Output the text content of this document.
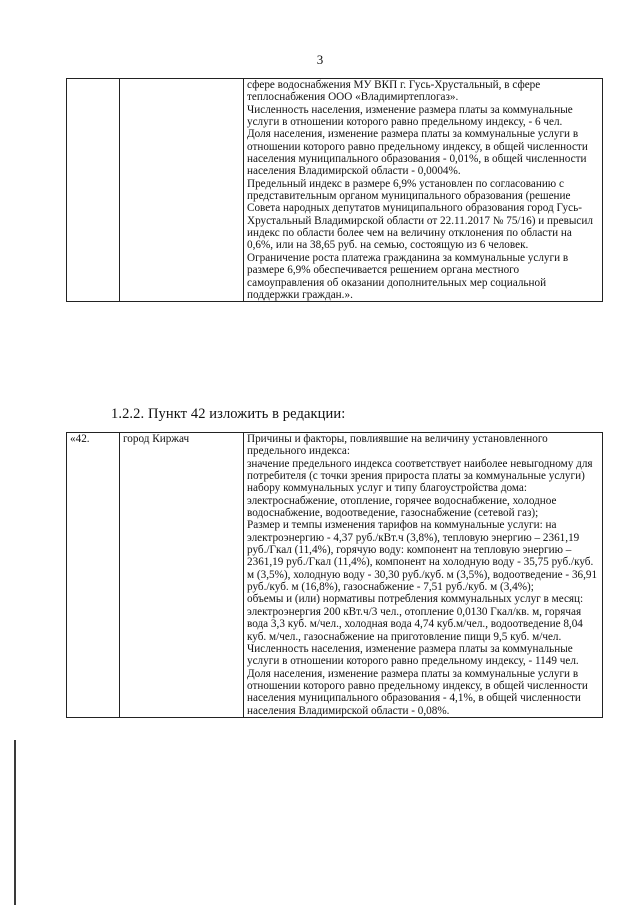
3

сфере водоснабжения МУ ВКП г. Гусь-Хрустальный, в сфере теплоснабжения ООО «Владимиртеплогаз».

Численность населения, изменение размера платы за коммунальные услуги в отношении которого равно предельному индексу, - 6 чел.

Доля населения, изменение размера платы за коммунальные услуги в отношении которого равно предельному индексу, в общей численности населения муниципального образования - 0,01%, в общей численности населения Владимирской области - 0,0004%.

Предельный индекс в размере 6,9% установлен по согласованию с представительным органом муниципального образования (решение Совета народных депутатов муниципального образования город Гусь-Хрустальный Владимирской области от 22.11.2017 № 75/16) и превысил индекс по области более чем на величину отклонения по области на 0,6%, или на 38,65 руб. на семью, состоящую из 6 человек.

Ограничение роста платежа гражданина за коммунальные услуги в размере 6,9% обеспечивается решением органа местного самоуправления об оказании дополнительных мер социальной поддержки граждан.».

1.2.2. Пункт 42 изложить в редакции:
«42.	город Киржач	Причины и факторы, повлиявшие на величину установленного предельного индекса:

значение предельного индекса соответствует наиболее невыгодному для потребителя (с точки зрения прироста платы за коммунальные услуги) набору коммунальных услуг и типу благоустройства дома: электроснабжение, отопление, горячее водоснабжение, холодное водоснабжение, водоотведение, газоснабжение (сетевой газ);

Размер и темпы изменения тарифов на коммунальные услуги: на электроэнергию - 4,37 руб./кВт.ч (3,8%), тепловую энергию – 2361,19 руб./Гкал (11,4%), горячую воду: компонент на тепловую энергию – 2361,19 руб./Гкал (11,4%), компонент на холодную воду - 35,75 руб./куб. м (3,5%), холодную воду - 30,30 руб./куб. м (3,5%), водоотведение - 36,91 руб./куб. м (16,8%), газоснабжение - 7,51 руб./куб. м (3,4%);

объемы и (или) нормативы потребления коммунальных услуг в месяц: электроэнергия 200 кВт.ч/3 чел., отопление 0,0130 Гкал/кв. м, горячая вода 3,3 куб. м/чел., холодная вода 4,74 куб.м/чел., водоотведение 8,04 куб. м/чел., газоснабжение на приготовление пищи 9,5 куб. м/чел.

Численность населения, изменение размера платы за коммунальные услуги в отношении которого равно предельному индексу, - 1149 чел.

Доля населения, изменение размера платы за коммунальные услуги в отношении которого равно предельному индексу, в общей численности населения муниципального образования - 4,1%, в общей численности населения Владимирской области - 0,08%.
